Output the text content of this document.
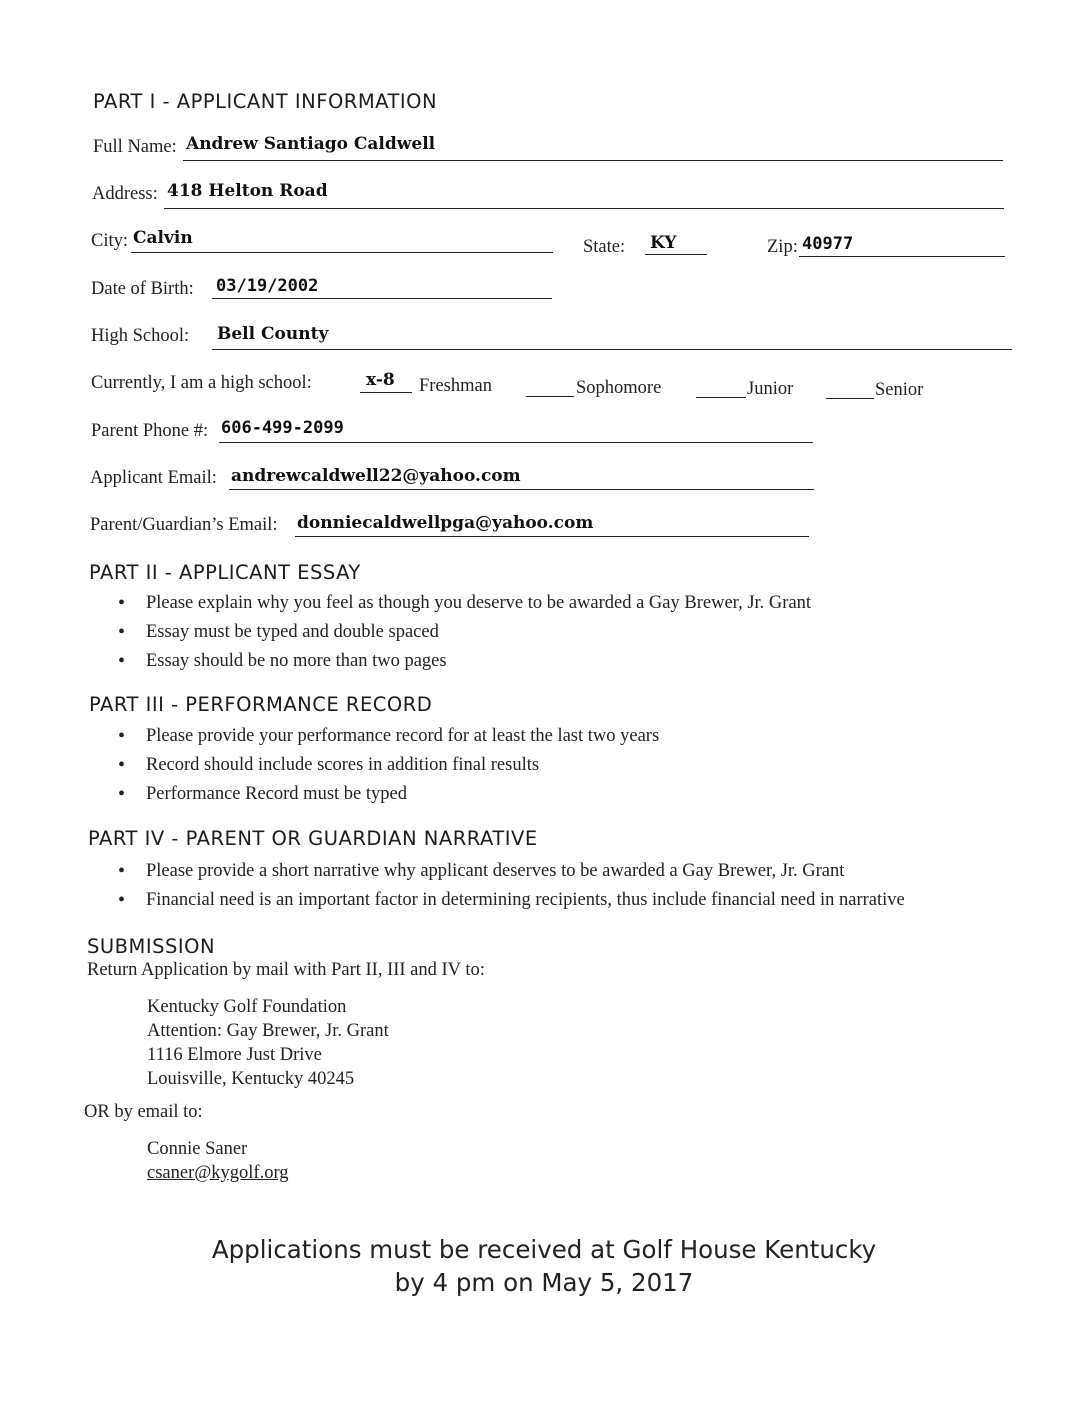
PART I - APPLICANT INFORMATION
Full Name: Andrew Santiago Caldwell
Address: 418 Helton Road
City: Calvin	State: KY	Zip: 40977
Date of Birth: 03/19/2002
High School: Bell County
Currently, I am a high school:	x-8 Freshman	Sophomore	Junior	Senior
Parent Phone #: 606-499-2099
Applicant Email: andrewcaldwell22@yahoo.com
Parent/Guardian’s Email: donniecaldwellpga@yahoo.com
PART II - APPLICANT ESSAY
• Please explain why you feel as though you deserve to be awarded a Gay Brewer, Jr. Grant
• Essay must be typed and double spaced
• Essay should be no more than two pages
PART III - PERFORMANCE RECORD
• Please provide your performance record for at least the last two years
• Record should include scores in addition final results
• Performance Record must be typed
PART IV - PARENT OR GUARDIAN NARRATIVE
• Please provide a short narrative why applicant deserves to be awarded a Gay Brewer, Jr. Grant
• Financial need is an important factor in determining recipients, thus include financial need in narrative
SUBMISSION
Return Application by mail with Part II, III and IV to:
Kentucky Golf Foundation
Attention: Gay Brewer, Jr. Grant
1116 Elmore Just Drive
Louisville, Kentucky 40245
OR by email to:
Connie Saner
csaner@kygolf.org
Applications must be received at Golf House Kentucky
by 4 pm on May 5, 2017
